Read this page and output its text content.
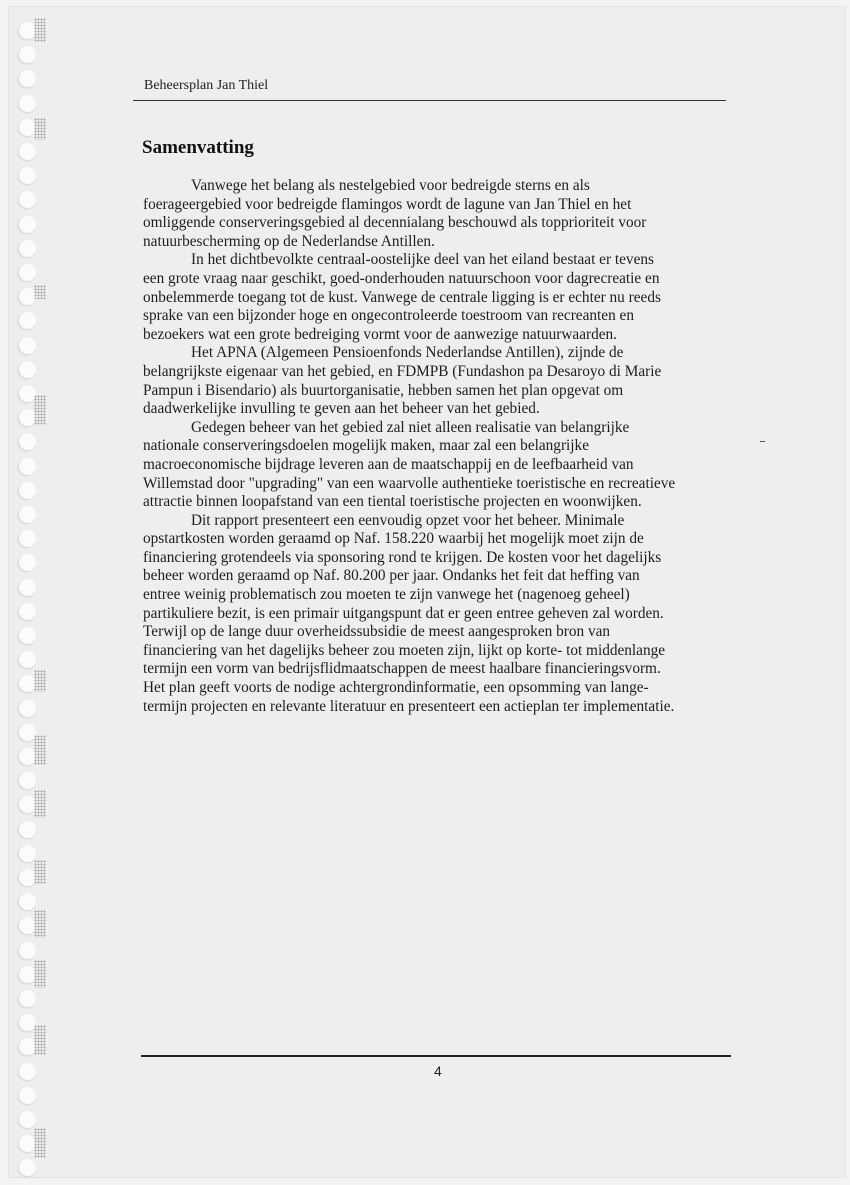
Beheersplan Jan Thiel
Samenvatting

Vanwege het belang als nestelgebied voor bedreigde sterns en als
foerageergebied voor bedreigde flamingos wordt de lagune van Jan Thiel en het
omliggende conserveringsgebied al decennialang beschouwd als topprioriteit voor
natuurbescherming op de Nederlandse Antillen.

In het dichtbevolkte centraal-oostelijke deel van het eiland bestaat er tevens
een grote vraag naar geschikt, goed-onderhouden natuurschoon voor dagrecreatie en
onbelemmerde toegang tot de kust. Vanwege de centrale ligging is er echter nu reeds
sprake van een bijzonder hoge en ongecontroleerde toestroom van recreanten en
bezoekers wat een grote bedreiging vormt voor de aanwezige natuurwaarden.

Het APNA (Algemeen Pensioenfonds Nederlandse Antillen), zijnde de
belangrijkste eigenaar van het gebied, en FDMPB (Fundashon pa Desaroyo di Marie
Pampun i Bisendario) als buurtorganisatie, hebben samen het plan opgevat om
daadwerkelijke invulling te geven aan het beheer van het gebied.

Gedegen beheer van het gebied zal niet alleen realisatie van belangrijke
nationale conserveringsdoelen mogelijk maken, maar zal een belangrijke
macroeconomische bijdrage leveren aan de maatschappij en de leefbaarheid van
Willemstad door "upgrading" van een waarvolle authentieke toeristische en recreatieve
attractie binnen loopafstand van een tiental toeristische projecten en woonwijken.

Dit rapport presenteert een eenvoudig opzet voor het beheer. Minimale
opstartkosten worden geraamd op Naf. 158.220 waarbij het mogelijk moet zijn de
financiering grotendeels via sponsoring rond te krijgen. De kosten voor het dagelijks
beheer worden geraamd op Naf. 80.200 per jaar. Ondanks het feit dat heffing van
entree weinig problematisch zou moeten te zijn vanwege het (nagenoeg geheel)
partikuliere bezit, is een primair uitgangspunt dat er geen entree geheven zal worden.
Terwijl op de lange duur overheidssubsidie de meest aangesproken bron van
financiering van het dagelijks beheer zou moeten zijn, lijkt op korte- tot middenlange
termijn een vorm van bedrijsflidmaatschappen de meest haalbare financieringsvorm.
Het plan geeft voorts de nodige achtergrondinformatie, een opsomming van lange-
termijn projecten en relevante literatuur en presenteert een actieplan ter implementatie.

4
